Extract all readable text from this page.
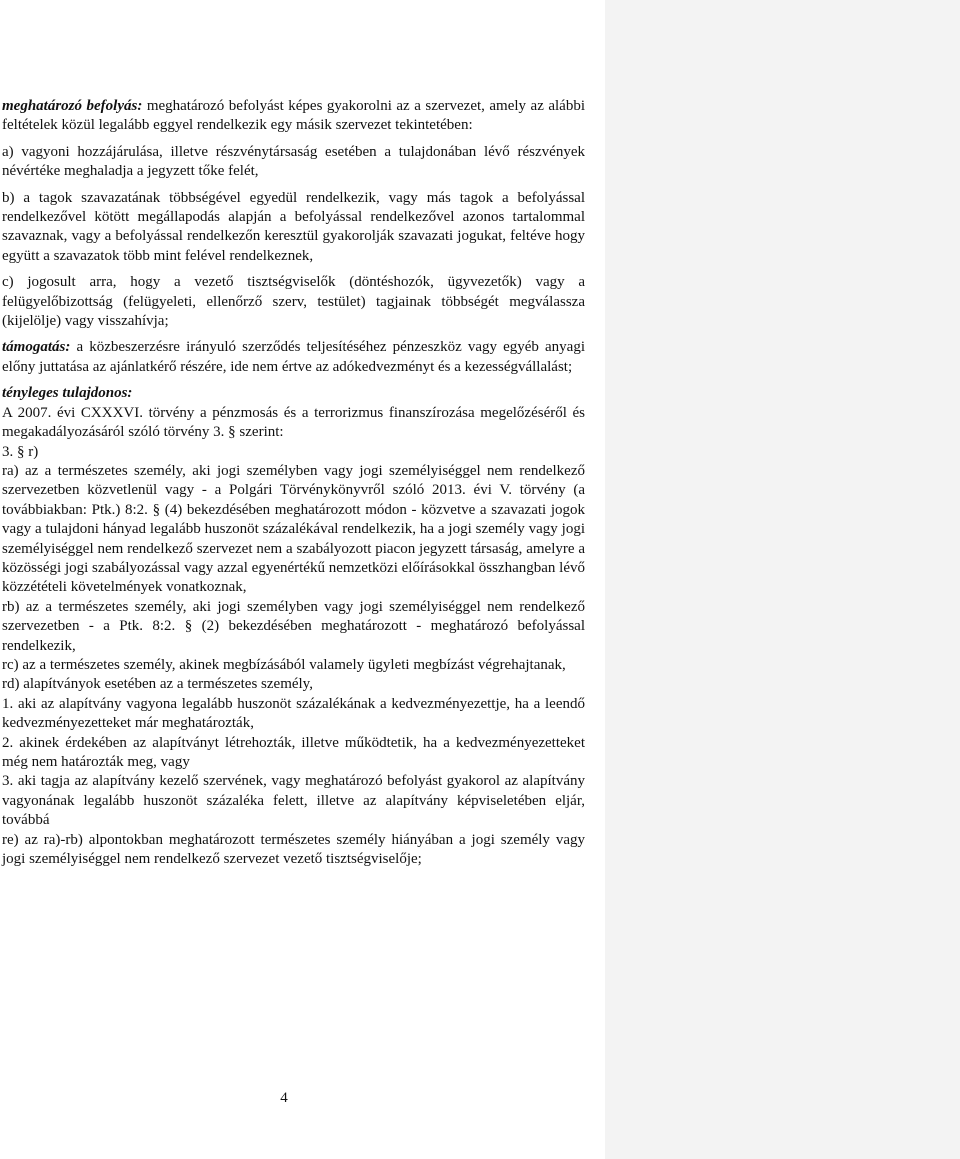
meghatározó befolyás: meghatározó befolyást képes gyakorolni az a szervezet, amely az alábbi feltételek közül legalább eggyel rendelkezik egy másik szervezet tekintetében:

a) vagyoni hozzájárulása, illetve részvénytársaság esetében a tulajdonában lévő részvények névértéke meghaladja a jegyzett tőke felét,

b) a tagok szavazatának többségével egyedül rendelkezik, vagy más tagok a befolyással rendelkezővel kötött megállapodás alapján a befolyással rendelkezővel azonos tartalommal szavaznak, vagy a befolyással rendelkezőn keresztül gyakorolják szavazati jogukat, feltéve hogy együtt a szavazatok több mint felével rendelkeznek,

c) jogosult arra, hogy a vezető tisztségviselők (döntéshozók, ügyvezetők) vagy a felügyelőbizottság (felügyeleti, ellenőrző szerv, testület) tagjainak többségét megválassza (kijelölje) vagy visszahívja;

támogatás: a közbeszerzésre irányuló szerződés teljesítéséhez pénzeszköz vagy egyéb anyagi előny juttatása az ajánlatkérő részére, ide nem értve az adókedvezményt és a kezességvállalást;

tényleges tulajdonos:

A 2007. évi CXXXVI. törvény a pénzmosás és a terrorizmus finanszírozása megelőzéséről és megakadályozásáról szóló törvény 3. § szerint:

3. § r)

ra) az a természetes személy, aki jogi személyben vagy jogi személyiséggel nem rendelkező szervezetben közvetlenül vagy - a Polgári Törvénykönyvről szóló 2013. évi V. törvény (a továbbiakban: Ptk.) 8:2. § (4) bekezdésében meghatározott módon - közvetve a szavazati jogok vagy a tulajdoni hányad legalább huszonöt százalékával rendelkezik, ha a jogi személy vagy jogi személyiséggel nem rendelkező szervezet nem a szabályozott piacon jegyzett társaság, amelyre a közösségi jogi szabályozással vagy azzal egyenértékű nemzetközi előírásokkal összhangban lévő közzétételi követelmények vonatkoznak,

rb) az a természetes személy, aki jogi személyben vagy jogi személyiséggel nem rendelkező szervezetben - a Ptk. 8:2. § (2) bekezdésében meghatározott - meghatározó befolyással rendelkezik,

rc) az a természetes személy, akinek megbízásából valamely ügyleti megbízást végrehajtanak,

rd) alapítványok esetében az a természetes személy,

1. aki az alapítvány vagyona legalább huszonöt százalékának a kedvezményezettje, ha a leendő kedvezményezetteket már meghatározták,

2. akinek érdekében az alapítványt létrehozták, illetve működtetik, ha a kedvezményezetteket még nem határozták meg, vagy

3. aki tagja az alapítvány kezelő szervének, vagy meghatározó befolyást gyakorol az alapítvány vagyonának legalább huszonöt százaléka felett, illetve az alapítvány képviseletében eljár, továbbá

re) az ra)-rb) alpontokban meghatározott természetes személy hiányában a jogi személy vagy jogi személyiséggel nem rendelkező szervezet vezető tisztségviselője;

4
